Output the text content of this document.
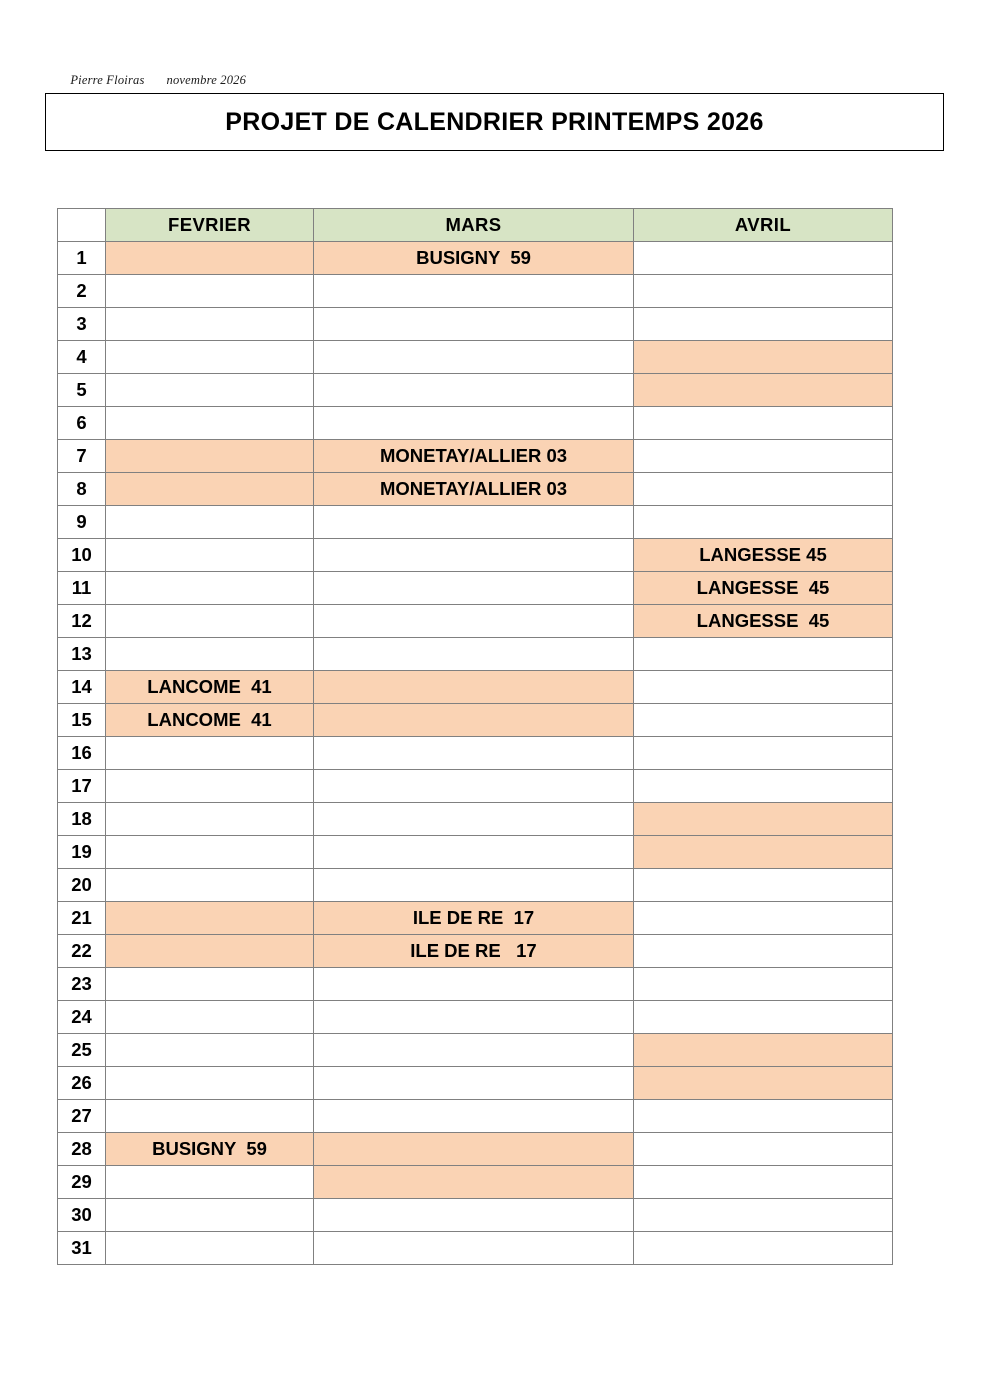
Pierre Floiras novembre 2026

PROJET DE CALENDRIER PRINTEMPS 2026
	FEVRIER	MARS	AVRIL
1		BUSIGNY  59	

2	

3	

4	

5	

6	

7		MONETAY/ALLIER 03	

8		MONETAY/ALLIER 03	

9	

10			LANGESSE 45

11			LANGESSE  45

12			LANGESSE  45

13	

14	LANCOME  41		

15	LANCOME  41		

16	

17	

18	

19	

20	

21		ILE DE RE  17	

22		ILE DE RE   17	

23	

24	

25	

26	

27	

28	BUSIGNY  59		

29	

30	

31	
